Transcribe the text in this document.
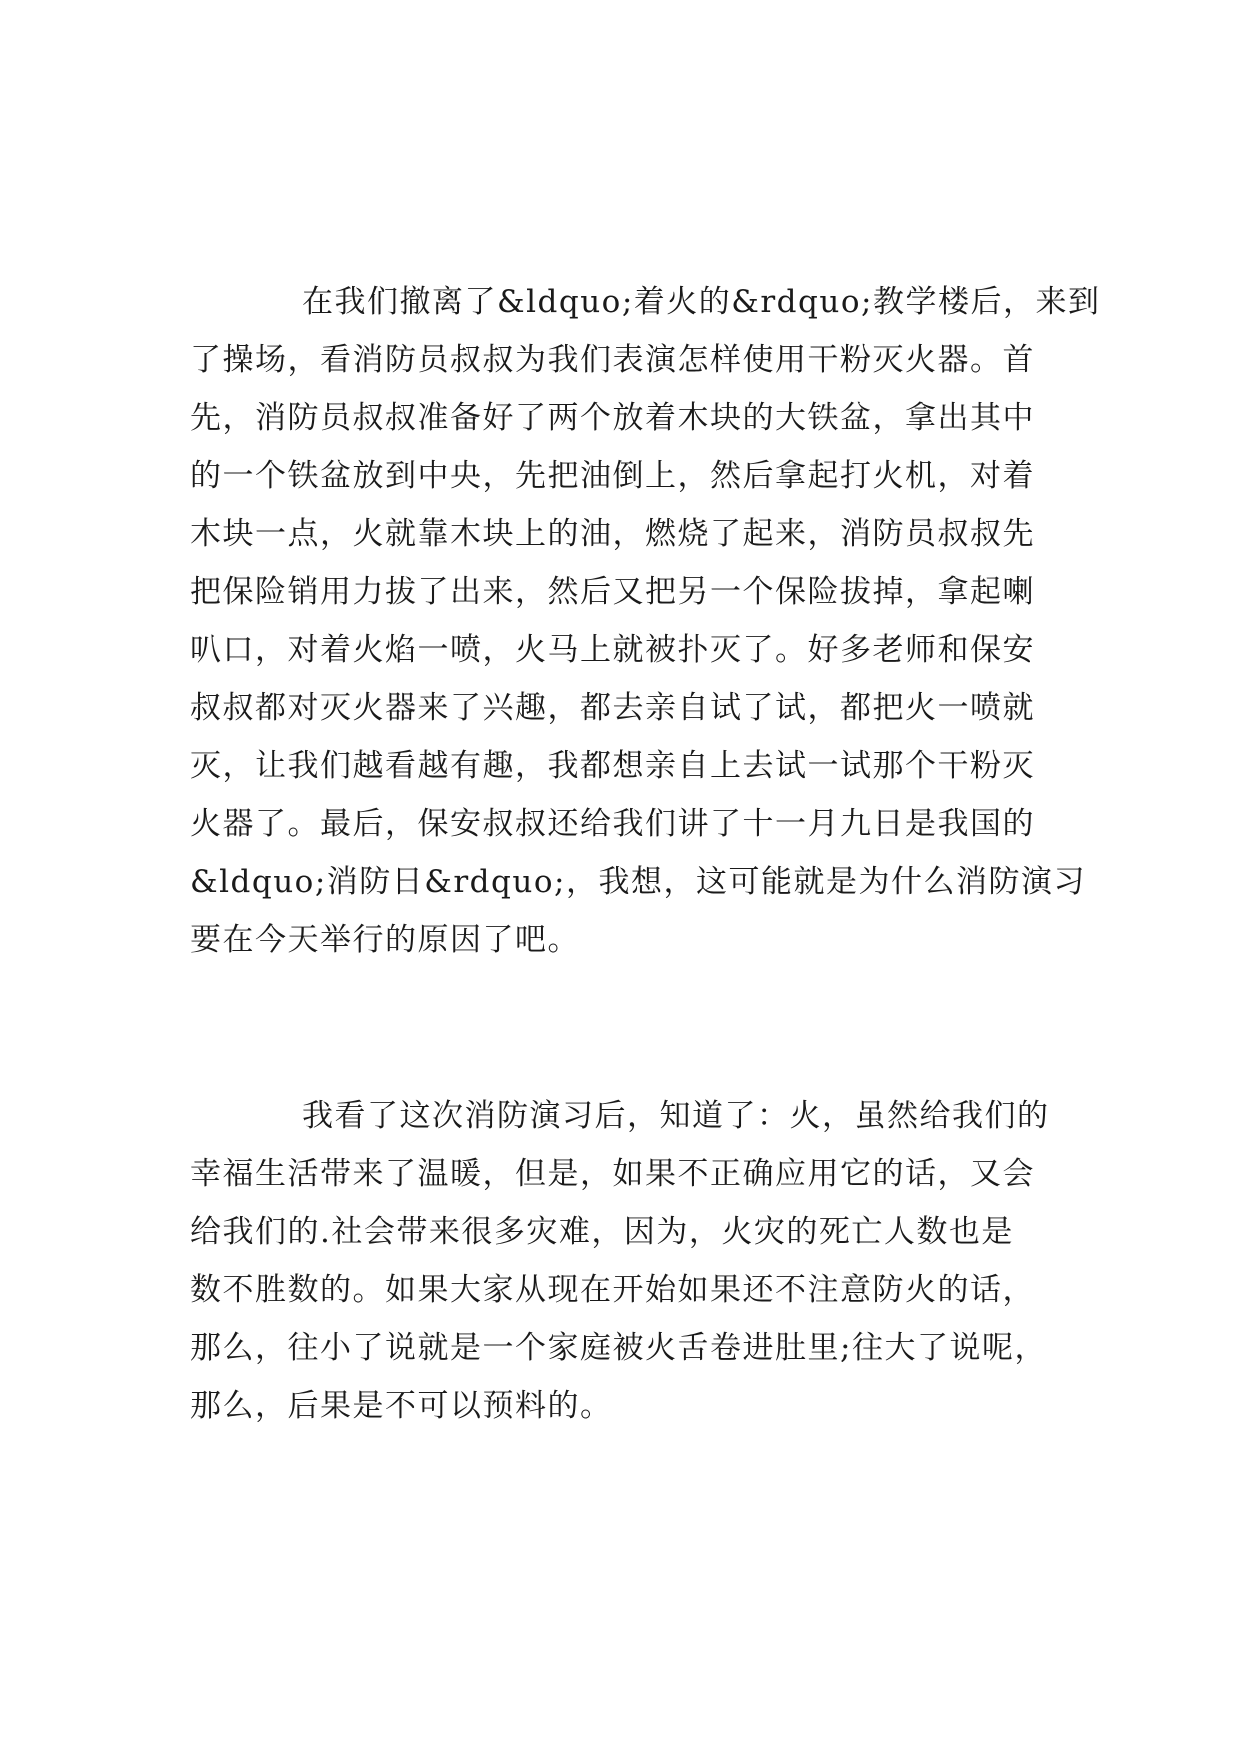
在我们撤离了&ldquo;着火的&rdquo;教学楼后，来到
了操场，看消防员叔叔为我们表演怎样使用干粉灭火器。首
先，消防员叔叔准备好了两个放着木块的大铁盆，拿出其中
的一个铁盆放到中央，先把油倒上，然后拿起打火机，对着
木块一点，火就靠木块上的油，燃烧了起来，消防员叔叔先
把保险销用力拔了出来，然后又把另一个保险拔掉，拿起喇
叭口，对着火焰一喷，火马上就被扑灭了。好多老师和保安
叔叔都对灭火器来了兴趣，都去亲自试了试，都把火一喷就
灭，让我们越看越有趣，我都想亲自上去试一试那个干粉灭
火器了。最后，保安叔叔还给我们讲了十一月九日是我国的
&ldquo;消防日&rdquo;，我想，这可能就是为什么消防演习
要在今天举行的原因了吧。
我看了这次消防演习后，知道了：火，虽然给我们的
幸福生活带来了温暖，但是，如果不正确应用它的话，又会
给我们的.社会带来很多灾难，因为，火灾的死亡人数也是
数不胜数的。如果大家从现在开始如果还不注意防火的话，
那么，往小了说就是一个家庭被火舌卷进肚里;往大了说呢，
那么，后果是不可以预料的。
